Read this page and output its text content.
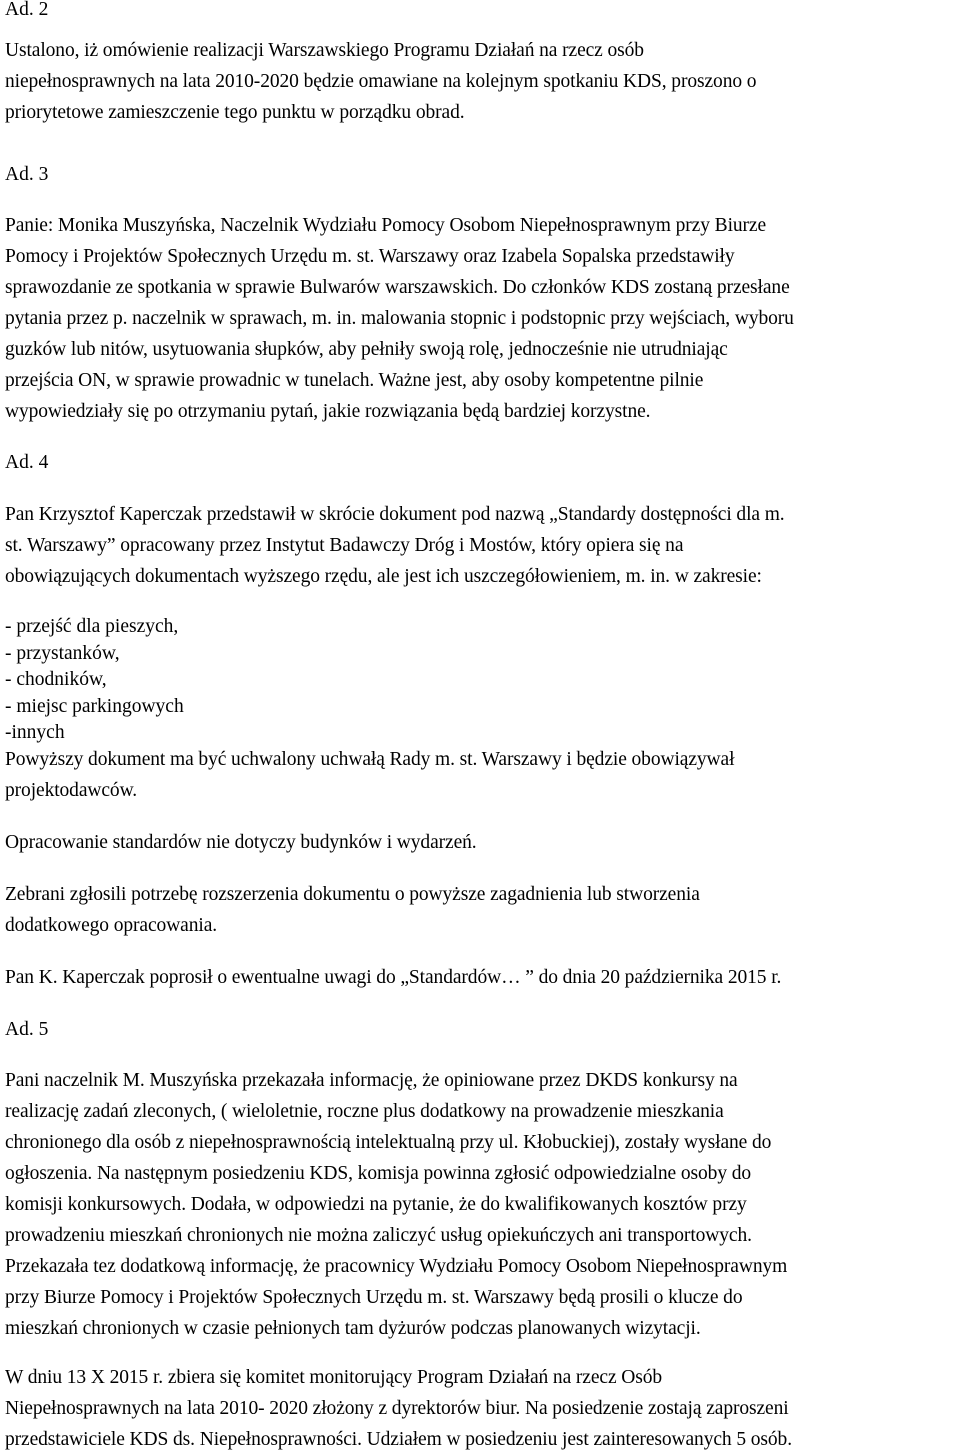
Ad. 2
Ustalono, iż omówienie realizacji Warszawskiego Programu Działań na rzecz osób
niepełnosprawnych na lata 2010-2020 będzie omawiane na kolejnym spotkaniu KDS, proszono o
priorytetowe zamieszczenie tego punktu w porządku obrad.
Ad. 3
Panie: Monika Muszyńska, Naczelnik Wydziału Pomocy Osobom Niepełnosprawnym przy Biurze
Pomocy i Projektów Społecznych Urzędu m. st. Warszawy oraz Izabela Sopalska przedstawiły
sprawozdanie ze spotkania w sprawie Bulwarów warszawskich. Do członków KDS zostaną przesłane
pytania przez p. naczelnik w sprawach, m. in. malowania stopnic i podstopnic przy wejściach, wyboru
guzków lub nitów, usytuowania słupków, aby pełniły swoją rolę, jednocześnie nie utrudniając
przejścia ON, w sprawie prowadnic w tunelach. Ważne jest, aby osoby kompetentne pilnie
wypowiedziały się po otrzymaniu pytań, jakie rozwiązania będą bardziej korzystne.
Ad. 4
Pan Krzysztof Kaperczak przedstawił w skrócie dokument pod nazwą „Standardy dostępności dla m.
st. Warszawy” opracowany przez Instytut Badawczy Dróg i Mostów, który opiera się na
obowiązujących dokumentach wyższego rzędu, ale jest ich uszczegółowieniem, m. in. w zakresie:
- przejść dla pieszych,
- przystanków,
- chodników,
- miejsc parkingowych
-innych
Powyższy dokument ma być uchwalony uchwałą Rady m. st. Warszawy i będzie obowiązywał
projektodawców.
Opracowanie standardów nie dotyczy budynków i wydarzeń.
Zebrani zgłosili potrzebę rozszerzenia dokumentu o powyższe zagadnienia lub stworzenia
dodatkowego opracowania.
Pan K. Kaperczak poprosił o ewentualne uwagi do „Standardów… ” do dnia 20 października 2015 r.
Ad. 5
Pani naczelnik M. Muszyńska przekazała informację, że opiniowane przez DKDS konkursy na
realizację zadań zleconych, ( wieloletnie, roczne plus dodatkowy na prowadzenie mieszkania
chronionego dla osób z niepełnosprawnością intelektualną przy ul. Kłobuckiej), zostały wysłane do
ogłoszenia. Na następnym posiedzeniu KDS, komisja powinna zgłosić odpowiedzialne osoby do
komisji konkursowych. Dodała, w odpowiedzi na pytanie, że do kwalifikowanych kosztów przy
prowadzeniu mieszkań chronionych nie można zaliczyć usług opiekuńczych ani transportowych.
Przekazała tez dodatkową informację, że pracownicy Wydziału Pomocy Osobom Niepełnosprawnym
przy Biurze Pomocy i Projektów Społecznych Urzędu m. st. Warszawy będą prosili o klucze do
mieszkań chronionych w czasie pełnionych tam dyżurów podczas planowanych wizytacji.
W dniu 13 X 2015 r. zbiera się komitet monitorujący Program Działań na rzecz Osób
Niepełnosprawnych na lata 2010- 2020 złożony z dyrektorów biur. Na posiedzenie zostają zaproszeni
przedstawiciele KDS ds. Niepełnosprawności. Udziałem w posiedzeniu jest zainteresowanych 5 osób.
